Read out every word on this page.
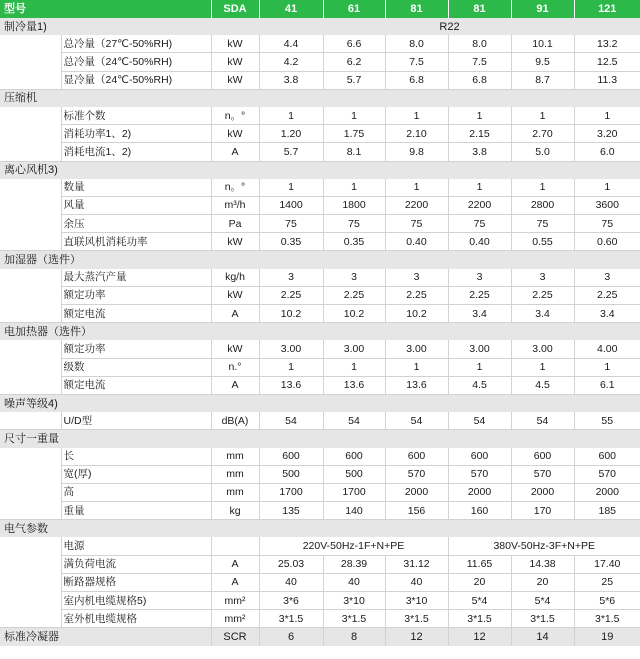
型号		SDA	41	61	81	81	91	121
制冷量1)			R22					
	总冷量（27℃-50%RH)	kW	4.4	6.6	8.0	8.0	10.1	13.2
	总冷量（24℃-50%RH)	kW	4.2	6.2	7.5	7.5	9.5	12.5
	显冷量（24℃-50%RH)	kW	3.8	5.7	6.8	6.8	8.7	11.3
压缩机								
	标准个数	n。°	1	1	1	1	1	1
	消耗功率1、2)	kW	1.20	1.75	2.10	2.15	2.70	3.20
	消耗电流1、2)	A	5.7	8.1	9.8	3.8	5.0	6.0
离心风机3)								
	数量	n。°	1	1	1	1	1	1
	风量	m³/h	1400	1800	2200	2200	2800	3600
	余压	Pa	75	75	75	75	75	75
	直联风机消耗功率	kW	0.35	0.35	0.40	0.40	0.55	0.60
加湿器（选件）								
	最大蒸汽产量	kg/h	3	3	3	3	3	3
	额定功率	kW	2.25	2.25	2.25	2.25	2.25	2.25
	额定电流	A	10.2	10.2	10.2	3.4	3.4	3.4
电加热器（选件）								
	额定功率	kW	3.00	3.00	3.00	3.00	3.00	4.00
	级数	n.°	1	1	1	1	1	1
	额定电流	A	13.6	13.6	13.6	4.5	4.5	6.1
噪声等级4)								
	U/D型	dB(A)	54	54	54	54	54	55
尺寸一重量								
	长	mm	600	600	600	600	600	600
	宽(厚)	mm	500	500	570	570	570	570
	高	mm	1700	1700	2000	2000	2000	2000
	重量	kg	135	140	156	160	170	185
电气参数								
	电源		220V-50Hz-1F+N+PE			380V-50Hz-3F+N+PE		
	满负荷电流	A	25.03	28.39	31.12	11.65	14.38	17.40
	断路器规格	A	40	40	40	20	20	25
	室内机电缆规格5)	mm²	3*6	3*10	3*10	5*4	5*4	5*6
	室外机电缆规格	mm²	3*1.5	3*1.5	3*1.5	3*1.5	3*1.5	3*1.5
标准冷凝器		SCR	6	8	12	12	14	19
